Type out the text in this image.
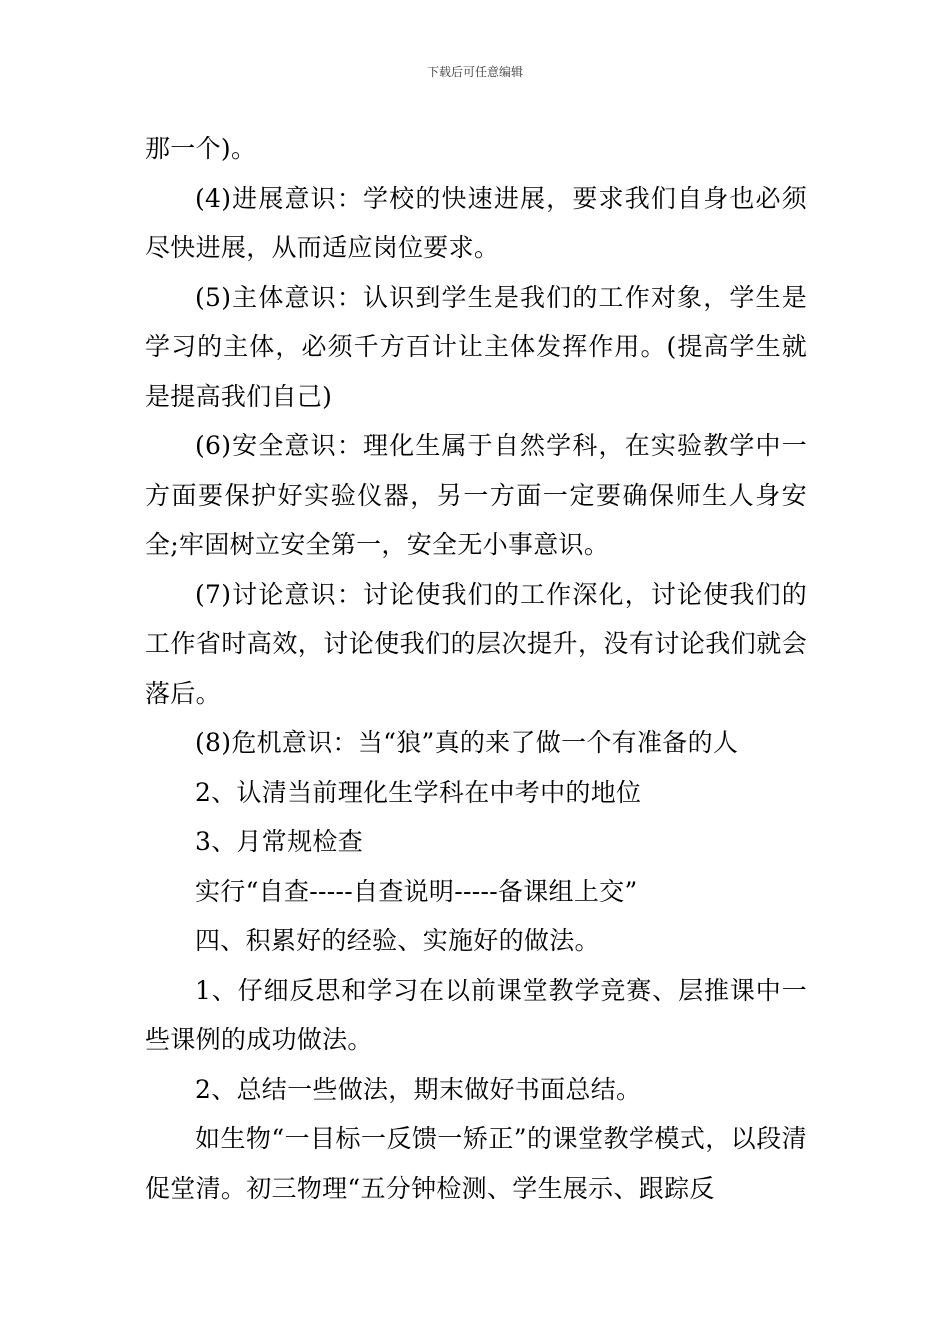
下载后可任意编辑

那一个)。

(4)进展意识：学校的快速进展，要求我们自身也必须尽快进展，从而适应岗位要求。

(5)主体意识：认识到学生是我们的工作对象，学生是学习的主体，必须千方百计让主体发挥作用。(提高学生就是提高我们自己)

(6)安全意识：理化生属于自然学科，在实验教学中一方面要保护好实验仪器，另一方面一定要确保师生人身安全;牢固树立安全第一，安全无小事意识。

(7)讨论意识：讨论使我们的工作深化，讨论使我们的工作省时高效，讨论使我们的层次提升，没有讨论我们就会落后。

(8)危机意识：当“狼”真的来了做一个有准备的人

2、认清当前理化生学科在中考中的地位

3、月常规检查

实行“自查-----自查说明-----备课组上交”

四、积累好的经验、实施好的做法。

1、仔细反思和学习在以前课堂教学竞赛、层推课中一些课例的成功做法。

2、总结一些做法，期末做好书面总结。

如生物“一目标一反馈一矫正”的课堂教学模式，以段清促堂清。初三物理“五分钟检测、学生展示、跟踪反
